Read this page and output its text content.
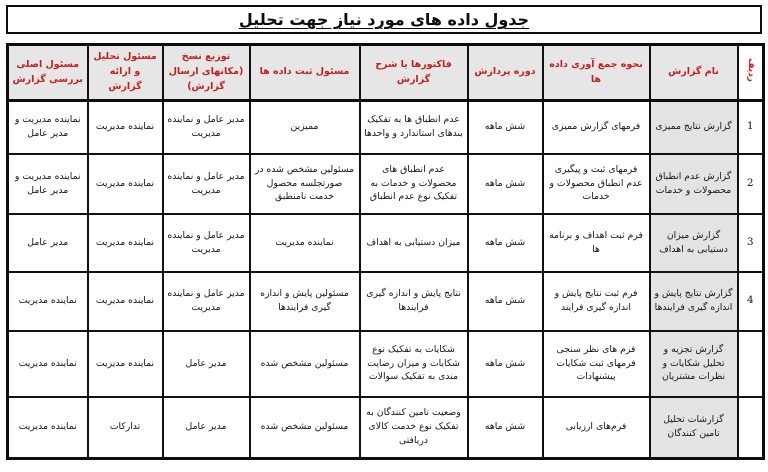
جدول داده های مورد نیاز جهت تحلیل
ردیف	نام گزارش	نحوه جمع آوری داده ها	دوره پردازش	فاکتورها یا شرح گزارش	مسئول ثبت داده ها	توزیع نسخ (مکانهای ارسال گزارش)	مسئول تحلیل و ارائه گزارش	مسئول اصلی بررسی گزارش
1	گزارش نتایج ممیزی	فرمهای گزارش ممیزی	شش ماهه	عدم انطباق ها به تفکیک بندهای استاندارد و واحدها	ممیزین	مدیر عامل و نماینده مدیریت	نماینده مدیریت	نماینده مدیریت و مدیر عامل
2	گزارش عدم انطباق محصولات و خدمات	فرمهای ثبت و پیگیری عدم انطباق محصولات و خدمات	شش ماهه	عدم انطباق های محصولات و خدمات به تفکیک نوع عدم انطباق	مسئولین مشخص شده در صورتجلسه محصول خدمت نامنطبق	مدیر عامل و نماینده مدیریت	نماینده مدیریت	نماینده مدیریت و مدیر عامل
3	گزارش میزان دستیابی به اهداف	فرم ثبت اهداف و برنامه ها	شش ماهه	میزان دستیابی به اهداف	نماینده مدیریت	مدیر عامل و نماینده مدیریت	نماینده مدیریت	مدیر عامل
4	گزارش نتایج پایش و اندازه گیری فرایندها	فرم ثبت نتایج پایش و اندازه گیری فرایند	شش ماهه	نتایج پایش و اندازه گیری فرایندها	مسئولین پایش و اندازه گیری فرایندها	مدیر عامل و نماینده مدیریت	نماینده مدیریت	نماینده مدیریت
	گزارش تجزیه و تحلیل شکایات و نظرات مشتریان	فرم های نظر سنجی فرمهای ثبت شکایات پیشنهادات	شش ماهه	شکایات به تفکیک نوع شکایات و میزان رضایت مندی به تفکیک سوالات	مسئولین مشخص شده	مدیر عامل	نماینده مدیریت	نماینده مدیریت
	گزارشات تحلیل تامین کنندگان	فرم‌های ارزیابی	شش ماهه	وضعیت تامین کنندگان به تفکیک نوع خدمت کالای دریافتی	مسئولین مشخص شده	مدیر عامل	تدارکات	نماینده مدیریت
